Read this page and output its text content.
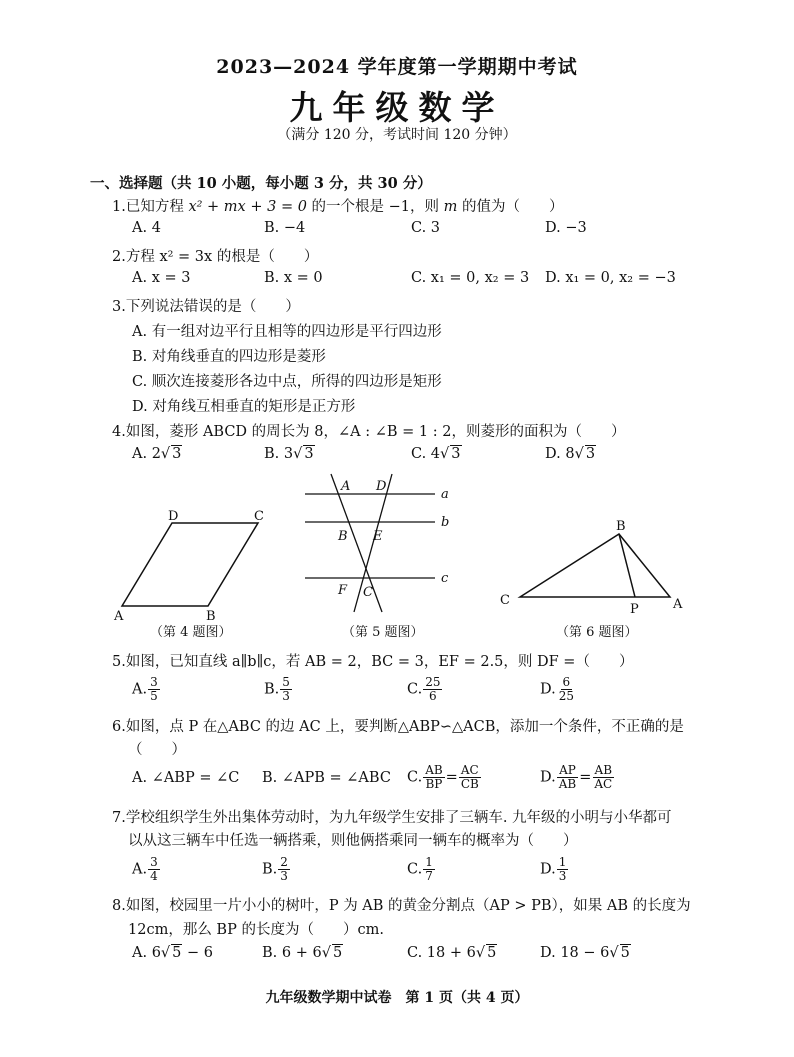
2023—2024 学年度第一学期期中考试
九年级数学
（满分 120 分，考试时间 120 分钟）
一、选择题（共 10 小题，每小题 3 分，共 30 分）
1.已知方程 x² + mx + 3 = 0 的一个根是 −1，则 m 的值为（　　）
A. 4	B. −4	C. 3	D. −3
2.方程 x² = 3x 的根是（　　）
A. x = 3	B. x = 0	C. x₁ = 0, x₂ = 3 D. x₁ = 0, x₂ = −3
3.下列说法错误的是（　　）
A. 有一组对边平行且相等的四边形是平行四边形
B. 对角线垂直的四边形是菱形
C. 顺次连接菱形各边中点，所得的四边形是矩形
D. 对角线互相垂直的矩形是正方形
4.如图，菱形 ABCD 的周长为 8，∠A : ∠B = 1 : 2，则菱形的面积为（　　）
A. 2√ 3	B. 3√ 3	C. 4√ 3	D. 8√ 3
D	C
A	B
A D
a
b
B E
c
F C
B
C
P	A
（第 4 题图）	（第 5 题图）	（第 6 题图）
5.如图，已知直线 a∥b∥c，若 AB = 2，BC = 3，EF = 2.5，则 DF =（　　）
A. $\frac{3}{5}$	B. $\frac{5}{3}$	C. $\frac{25}{6}$	D. $\frac{6}{25}$
6.如图，点 P 在△ABC 的边 AC 上，要判断△ABP∽△ACB，添加一个条件，不正确的是
（　　）
A. ∠ABP = ∠C B. ∠APB = ∠ABC C. $\frac{AB}{BP} = \frac{AC}{CB}$	D. $\frac{AP}{AB} = \frac{AB}{AC}$
7.学校组织学生外出集体劳动时，为九年级学生安排了三辆车. 九年级的小明与小华都可
以从这三辆车中任选一辆搭乘，则他俩搭乘同一辆车的概率为（　　）
A. $\frac{3}{4}$	B. $\frac{2}{3}$	C. $\frac{1}{7}$	D. $\frac{1}{3}$
8.如图，校园里一片小小的树叶，P 为 AB 的黄金分割点（AP > PB），如果 AB 的长度为
12cm，那么 BP 的长度为（　　）cm.
A. 6√ 5 − 6	B. 6 + 6√ 5	C. 18 + 6√ 5	D. 18 − 6√ 5
九年级数学期中试卷　第 1 页（共 4 页）
